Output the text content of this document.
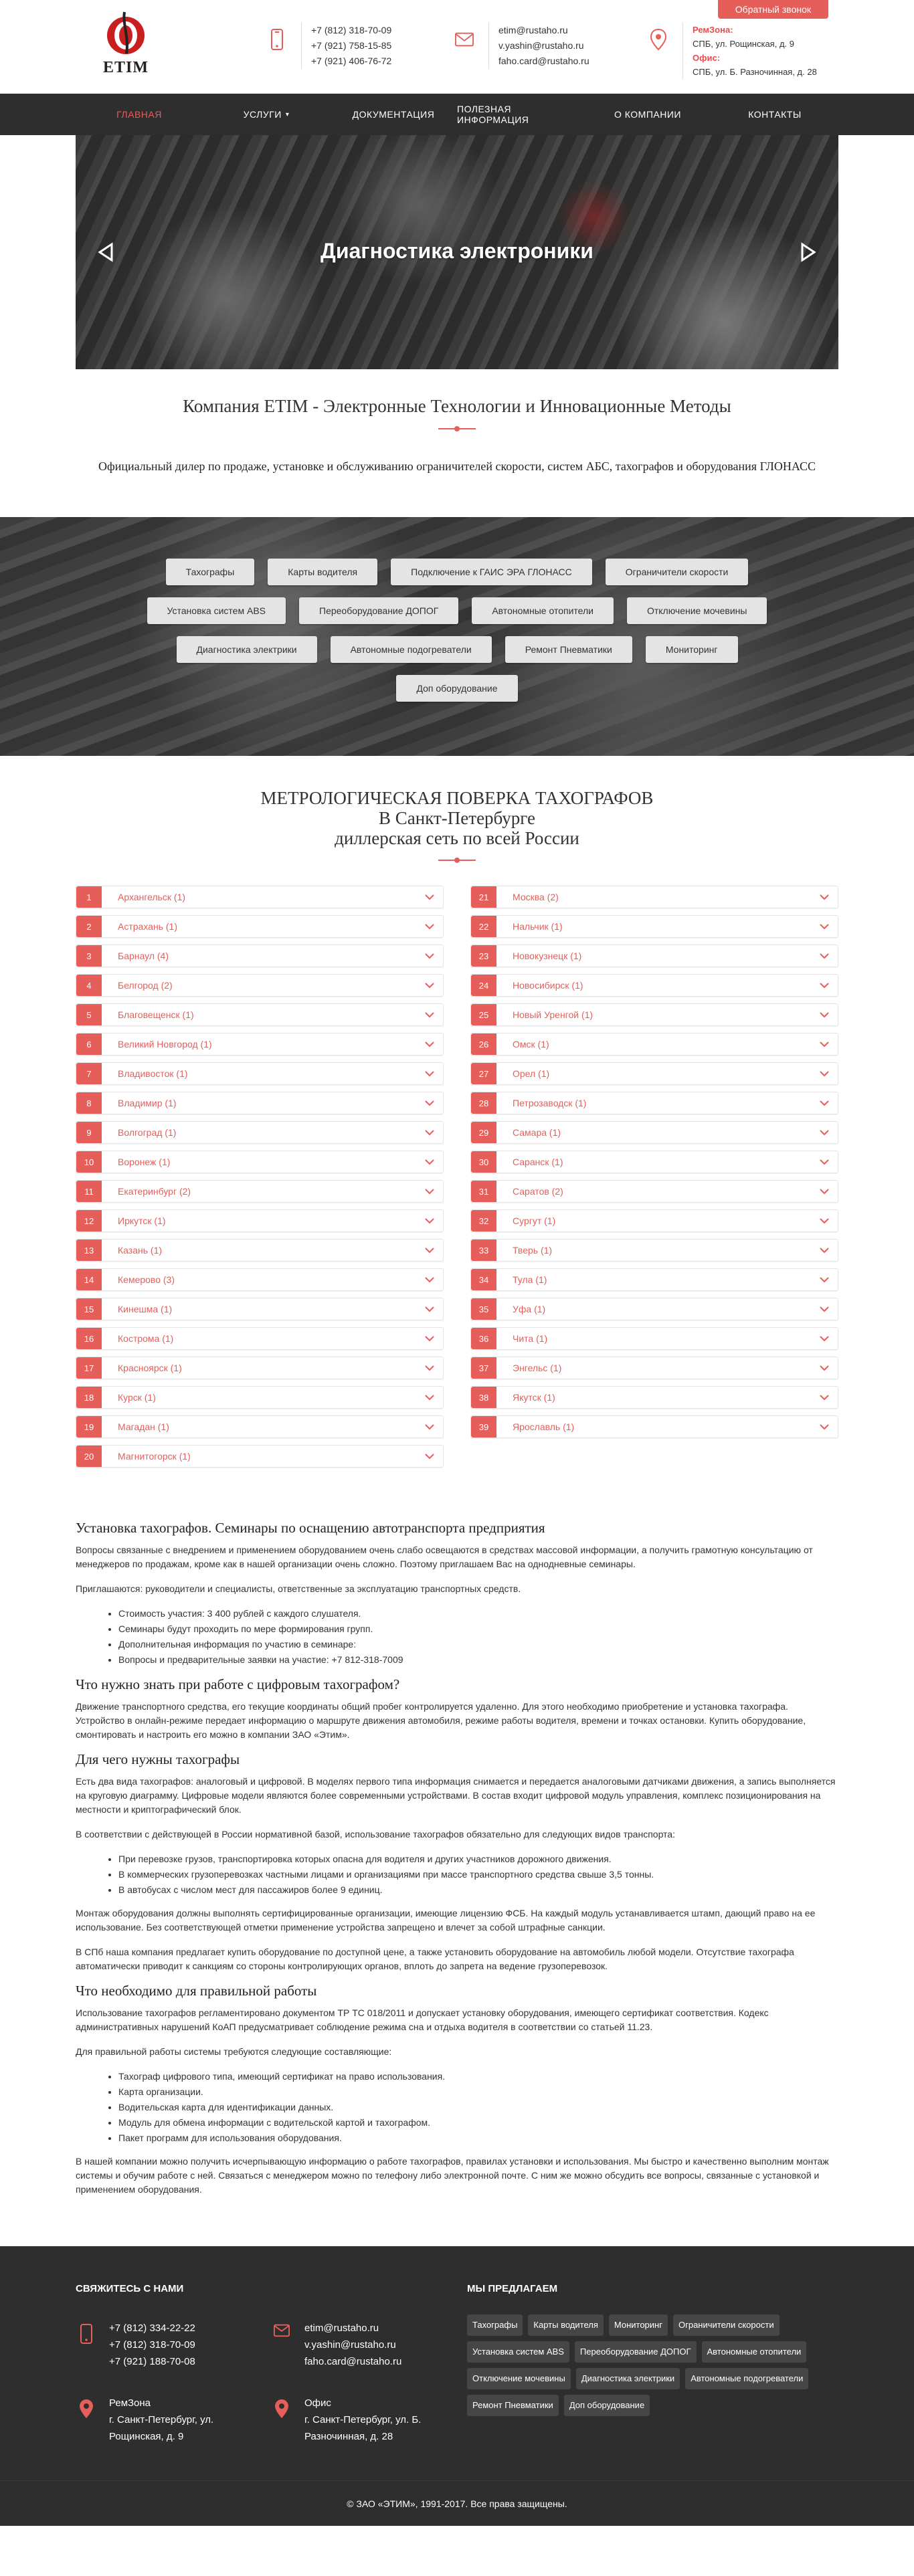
ETIM
+7 (812) 318-70-09
+7 (921) 758-15-85
+7 (921) 406-76-72
etim@rustaho.ru
v.yashin@rustaho.ru
faho.card@rustaho.ru
РемЗона:
СПБ, ул. Рощинская, д. 9
Офис:
СПБ, ул. Б. Разночинная, д. 28
Обратный звонок
ГЛАВНАЯ	УСЛУГИ ▾	ДОКУМЕНТАЦИЯ ПОЛЕЗНАЯ ИНФОРМАЦИЯ	О КОМПАНИИ	КОНТАКТЫ
Диагностика электроники
Компания ETIM - Электронные Технологии и Инновационные Методы

Официальный дилер по продаже, установке и обслуживанию ограничителей скорости, систем АБС, тахографов и оборудования ГЛОНАСС

Тахографы	Карты водителя	Подключение к ГАИС ЭРА ГЛОНАСС	Ограничители скорости
Установка систем ABS	Переоборудование ДОПОГ	Автономные отопители	Отключение мочевины
Диагностика электрики	Автономные подогреватели	Ремонт Пневматики	Мониторинг
Доп оборудование
МЕТРОЛОГИЧЕСКАЯ ПОВЕРКА ТАХОГРАФОВ
В Санкт-Петербурге
диллерская сеть по всей России
1	Архангельск (1)
2	Астрахань (1)
3	Барнаул (4)
4	Белгород (2)
5	Благовещенск (1)
6	Великий Новгород (1)
7	Владивосток (1)
8	Владимир (1)
9	Волгоград (1)
10	Воронеж (1)
11	Екатеринбург (2)
12	Иркутск (1)
13	Казань (1)
14	Кемерово (3)
15	Кинешма (1)
16	Кострома (1)
17	Красноярск (1)
18	Курск (1)
19	Магадан (1)
20	Магнитогорск (1)
21	Москва (2)
22	Нальчик (1)
23	Новокузнецк (1)
24	Новосибирск (1)
25	Новый Уренгой (1)
26	Омск (1)
27	Орел (1)
28	Петрозаводск (1)
29	Самара (1)
30	Саранск (1)
31	Саратов (2)
32	Сургут (1)
33	Тверь (1)
34	Тула (1)
35	Уфа (1)
36	Чита (1)
37	Энгельс (1)
38	Якутск (1)
39	Ярославль (1)
Установка тахографов. Семинары по оснащению автотранспорта предприятия

Вопросы связанные с внедрением и применением оборудованием очень слабо освещаются в средствах массовой информации, а получить грамотную консультацию от менеджеров по продажам, кроме как в нашей организации очень сложно. Поэтому приглашаем Вас на однодневные семинары.

Приглашаются: руководители и специалисты, ответственные за эксплуатацию транспортных средств.

• Стоимость участия: 3 400 рублей с каждого слушателя.
• Семинары будут проходить по мере формирования групп.
• Дополнительная информация по участию в семинаре:
• Вопросы и предварительные заявки на участие: +7 812-318-7009
Что нужно знать при работе с цифровым тахографом?

Движение транспортного средства, его текущие координаты общий пробег контролируется удаленно. Для этого необходимо приобретение и установка тахографа. Устройство в онлайн-режиме передает информацию о маршруте движения автомобиля, режиме работы водителя, времени и точках остановки. Купить оборудование, смонтировать и настроить его можно в компании ЗАО «Этим».

Для чего нужны тахографы

Есть два вида тахографов: аналоговый и цифровой. В моделях первого типа информация снимается и передается аналоговыми датчиками движения, а запись выполняется на круговую диаграмму. Цифровые модели являются более современными устройствами. В состав входит цифровой модуль управления, комплекс позиционирования на местности и криптографический блок.

В соответствии с действующей в России нормативной базой, использование тахографов обязательно для следующих видов транспорта:

• При перевозке грузов, транспортировка которых опасна для водителя и других участников дорожного движения.
• В коммерческих грузоперевозках частными лицами и организациями при массе транспортного средства свыше 3,5 тонны.
• В автобусах с числом мест для пассажиров более 9 единиц.

Монтаж оборудования должны выполнять сертифицированные организации, имеющие лицензию ФСБ. На каждый модуль устанавливается штамп, дающий право на ее использование. Без соответствующей отметки применение устройства запрещено и влечет за собой штрафные санкции.

В СПб наша компания предлагает купить оборудование по доступной цене, а также установить оборудование на автомобиль любой модели. Отсутствие тахографа автоматически приводит к санкциям со стороны контролирующих органов, вплоть до запрета на ведение грузоперевозок.

Что необходимо для правильной работы

Использование тахографов регламентировано документом ТР ТС 018/2011 и допускает установку оборудования, имеющего сертификат соответствия. Кодекс административных нарушений КоАП предусматривает соблюдение режима сна и отдыха водителя в соответствии со статьей 11.23.

Для правильной работы системы требуются следующие составляющие:

• Тахограф цифрового типа, имеющий сертификат на право использования.
• Карта организации.
• Водительская карта для идентификации данных.
• Модуль для обмена информации с водительской картой и тахографом.
• Пакет программ для использования оборудования.

В нашей компании можно получить исчерпывающую информацию о работе тахографов, правилах установки и использования. Мы быстро и качественно выполним монтаж системы и обучим работе с ней. Связаться с менеджером можно по телефону либо электронной почте. С ним же можно обсудить все вопросы, связанные с установкой и применением оборудования.

СВЯЖИТЕСЬ С НАМИ	МЫ ПРЕДЛАГАЕМ
+7 (812) 334-22-22
+7 (812) 318-70-09
+7 (921) 188-70-08
etim@rustaho.ru
v.yashin@rustaho.ru
faho.card@rustaho.ru
РемЗона
г. Санкт-Петербург, ул.
Рощинская, д. 9
Офис
г. Санкт-Петербург, ул. Б.
Разночинная, д. 28
Тахографы	Карты водителя	Мониторинг	Ограничители скорости
Установка систем ABS	Переоборудование ДОПОГ	Автономные отопители
Отключение мочевины	Диагностика электрики	Автономные подогреватели
Ремонт Пневматики	Доп оборудование
© ЗАО «ЭТИМ», 1991-2017. Все права защищены.
